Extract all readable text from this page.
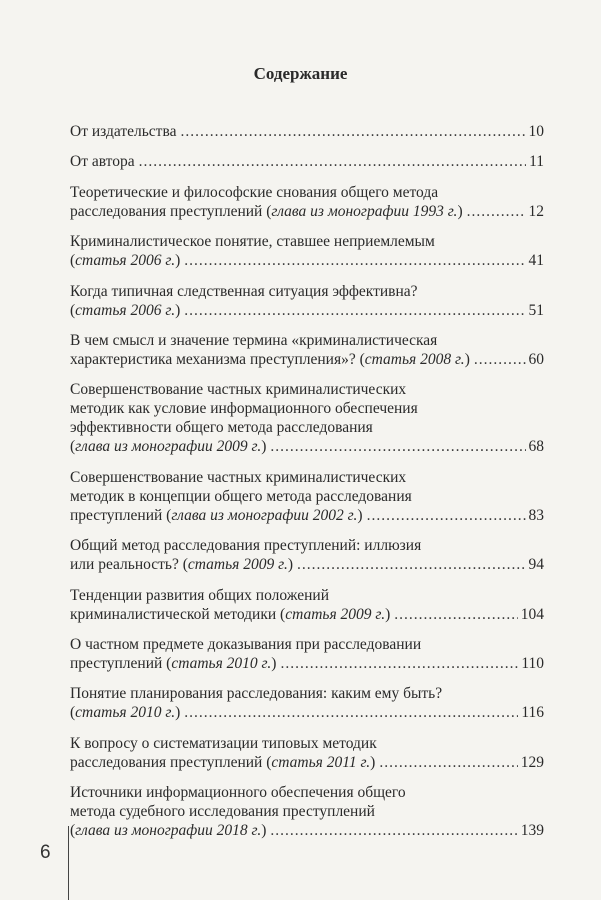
Содержание
От издательства .....	10
От автора .....	11
Теоретические и философские снования общего метода
расследования преступлений (глава из монографии 1993 г.) .....	12
Криминалистическое понятие, ставшее неприемлемым
(статья 2006 г.) .....	41
Когда типичная следственная ситуация эффективна?
(статья 2006 г.) .....	51
В чем смысл и значение термина «криминалистическая
характеристика механизма преступления»? (статья 2008 г.) .....	60
Совершенствование частных криминалистических
методик как условие информационного обеспечения
эффективности общего метода расследования
(глава из монографии 2009 г.) .....	68
Совершенствование частных криминалистических
методик в концепции общего метода расследования
преступлений (глава из монографии 2002 г.) .....	83
Общий метод расследования преступлений: иллюзия
или реальность? (статья 2009 г.) .....	94
Тенденции развития общих положений
криминалистической методики (статья 2009 г.) .....	104
О частном предмете доказывания при расследовании
преступлений (статья 2010 г.) .....	110
Понятие планирования расследования: каким ему быть?
(статья 2010 г.) .....	116
К вопросу о систематизации типовых методик
расследования преступлений (статья 2011 г.) .....	129
Источники информационного обеспечения общего
метода судебного исследования преступлений
(глава из монографии 2018 г.) .....	139
6
